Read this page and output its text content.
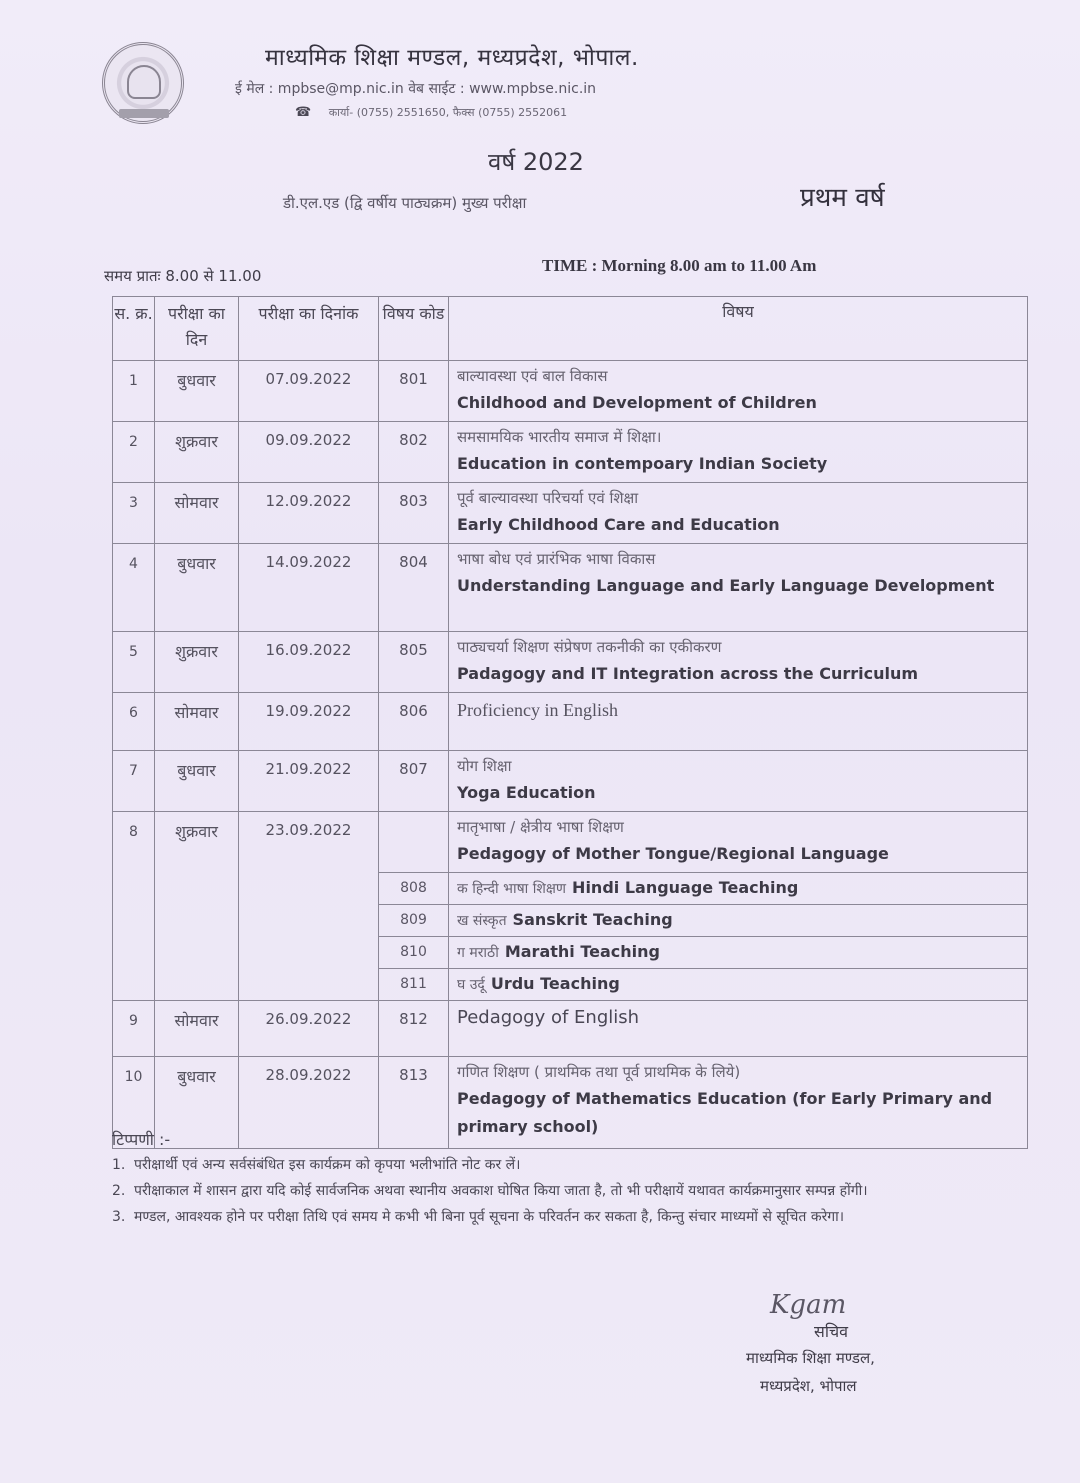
माध्यमिक शिक्षा मण्डल, मध्यप्रदेश, भोपाल.
ई मेल : mpbse@mp.nic.in वेब साईट : www.mpbse.nic.in
☎ कार्या- (0755) 2551650, फैक्स (0755) 2552061
वर्ष 2022
डी.एल.एड (द्वि वर्षीय पाठ्यक्रम) मुख्य परीक्षा	प्रथम वर्ष
समय प्रातः 8.00 से 11.00
TIME : Morning 8.00 am to 11.00 Am
स. क्र.	परीक्षा का दिन	परीक्षा का दिनांक	विषय कोड	विषय
1	बुधवार	07.09.2022	801	बाल्यावस्था एवं बाल विकास
Childhood and Development of Children

2	शुक्रवार	09.09.2022	802	समसामयिक भारतीय समाज में शिक्षा।
Education in contempoary Indian Society

3	सोमवार	12.09.2022	803	पूर्व बाल्यावस्था परिचर्या एवं शिक्षा
Early Childhood Care and Education

4	बुधवार	14.09.2022	804	भाषा बोध एवं प्रारंभिक भाषा विकास
Understanding Language and Early Language Development

5	शुक्रवार	16.09.2022	805	पाठ्यचर्या शिक्षण संप्रेषण तकनीकी का एकीकरण
Padagogy and IT Integration across the Curriculum

6	सोमवार	19.09.2022	806	Proficiency in English

7	बुधवार	21.09.2022	807	योग शिक्षा
Yoga Education

8	शुक्रवार	23.09.2022		मातृभाषा / क्षेत्रीय भाषा शिक्षण
Pedagogy of Mother Tongue/Regional Language

			808	क हिन्दी भाषा शिक्षण Hindi Language Teaching
			809	ख संस्कृत Sanskrit Teaching
			810	ग मराठी Marathi Teaching
			811	घ उर्दू Urdu Teaching
9	सोमवार	26.09.2022	812	Pedagogy of English

10	बुधवार	28.09.2022	813	गणित शिक्षण ( प्राथमिक तथा पूर्व प्राथमिक के लिये)
Pedagogy of Mathematics Education (for Early Primary and primary school)
टिप्पणी :-
1. परीक्षार्थी एवं अन्य सर्वसंबंधित इस कार्यक्रम को कृपया भलीभांति नोट कर लें।
2. परीक्षाकाल में शासन द्वारा यदि कोई सार्वजनिक अथवा स्थानीय अवकाश घोषित किया जाता है, तो भी परीक्षायें यथावत कार्यक्रमानुसार सम्पन्न होंगी।
3. मण्डल, आवश्यक होने पर परीक्षा तिथि एवं समय मे कभी भी बिना पूर्व सूचना के परिवर्तन कर सकता है, किन्तु संचार माध्यमों से सूचित करेगा।
Kgam
सचिव
माध्यमिक शिक्षा मण्डल,
मध्यप्रदेश, भोपाल
